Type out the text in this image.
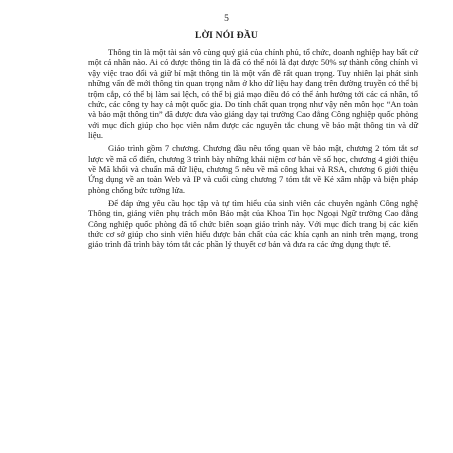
5
LỜI NÓI ĐẦU

Thông tin là một tài sản vô cùng quý giá của chính phủ, tổ chức, doanh nghiệp hay bất cứ một cá nhân nào. Ai có được thông tin là đã có thể nói là đạt được 50% sự thành công chính vì vậy việc trao đổi và giữ bí mật thông tin là một vấn đề rất quan trọng. Tuy nhiên lại phát sinh những vấn đề mới thông tin quan trọng nằm ở kho dữ liệu hay đang trên đường truyền có thể bị trộm cắp, có thể bị làm sai lệch, có thể bị giả mạo điều đó có thể ảnh hưởng tới các cá nhân, tổ chức, các công ty hay cả một quốc gia. Do tính chất quan trọng như vậy nên môn học “An toàn và bảo mật thông tin” đã được đưa vào giảng dạy tại trường Cao đẳng Công nghiệp quốc phòng với mục đích giúp cho học viên nắm được các nguyên tắc chung về bảo mật thông tin và dữ liệu.

Giáo trình gồm 7 chương. Chương đầu nêu tổng quan về bảo mật, chương 2 tóm tắt sơ lược về mã cổ điển, chương 3 trình bày những khái niệm cơ bản về số học, chương 4 giới thiệu về Mã khối và chuẩn mã dữ liệu, chương 5 nêu về mã công khai và RSA, chương 6 giới thiệu Ứng dụng về an toàn Web và IP và cuối cùng chương 7 tóm tắt về Kẻ xâm nhập và biện pháp phòng chống bức tường lửa.

Để đáp ứng yêu cầu học tập và tự tìm hiểu của sinh viên các chuyên ngành Công nghệ Thông tin, giảng viên phụ trách môn Bảo mật của Khoa Tin học Ngoại Ngữ trường Cao đẳng Công nghiệp quốc phòng đã tổ chức biên soạn giáo trình này. Với mục đích trang bị các kiến thức cơ sở giúp cho sinh viên hiểu được bản chất của các khía cạnh an ninh trên mạng, trong giáo trình đã trình bày tóm tắt các phần lý thuyết cơ bản và đưa ra các ứng dụng thực tế.
